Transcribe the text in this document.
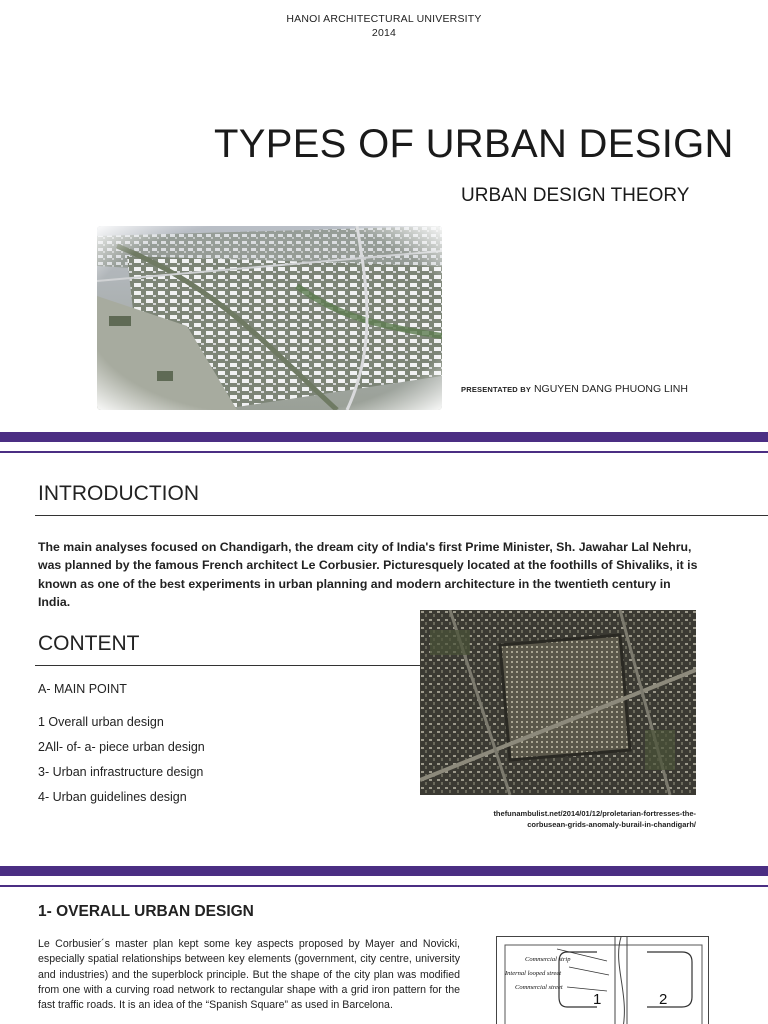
HANOI ARCHITECTURAL UNIVERSITY
2014
TYPES OF URBAN DESIGN
URBAN DESIGN THEORY
PRESENTATED BY NGUYEN DANG PHUONG LINH
INTRODUCTION
The main analyses focused on Chandigarh, the dream city of India's first Prime Minister, Sh. Jawahar Lal Nehru, was planned by the famous French architect Le Corbusier. Picturesquely located at the foothills of Shivaliks, it is known as one of the best experiments in urban planning and modern architecture in the twentieth century in India.
CONTENT
A- MAIN POINT
1 Overall urban design
2All- of- a- piece urban design
3- Urban infrastructure design
4- Urban guidelines design
thefunambulist.net/2014/01/12/proletarian-fortresses-the-
corbusean-grids-anomaly-burail-in-chandigarh/
1- OVERALL URBAN DESIGN
Le Corbusier´s master plan kept some key aspects proposed by Mayer and Novicki, especially spatial relationships between key elements (government, city centre, university and industries) and the superblock principle. But the shape of the city plan was modified from one with a curving road network to rectangular shape with a grid iron pattern for the fast traffic roads. It is an idea of the “Spanish Square” as used in Barcelona.
Commercial strip
Internal looped street
Commercial street
1	2
